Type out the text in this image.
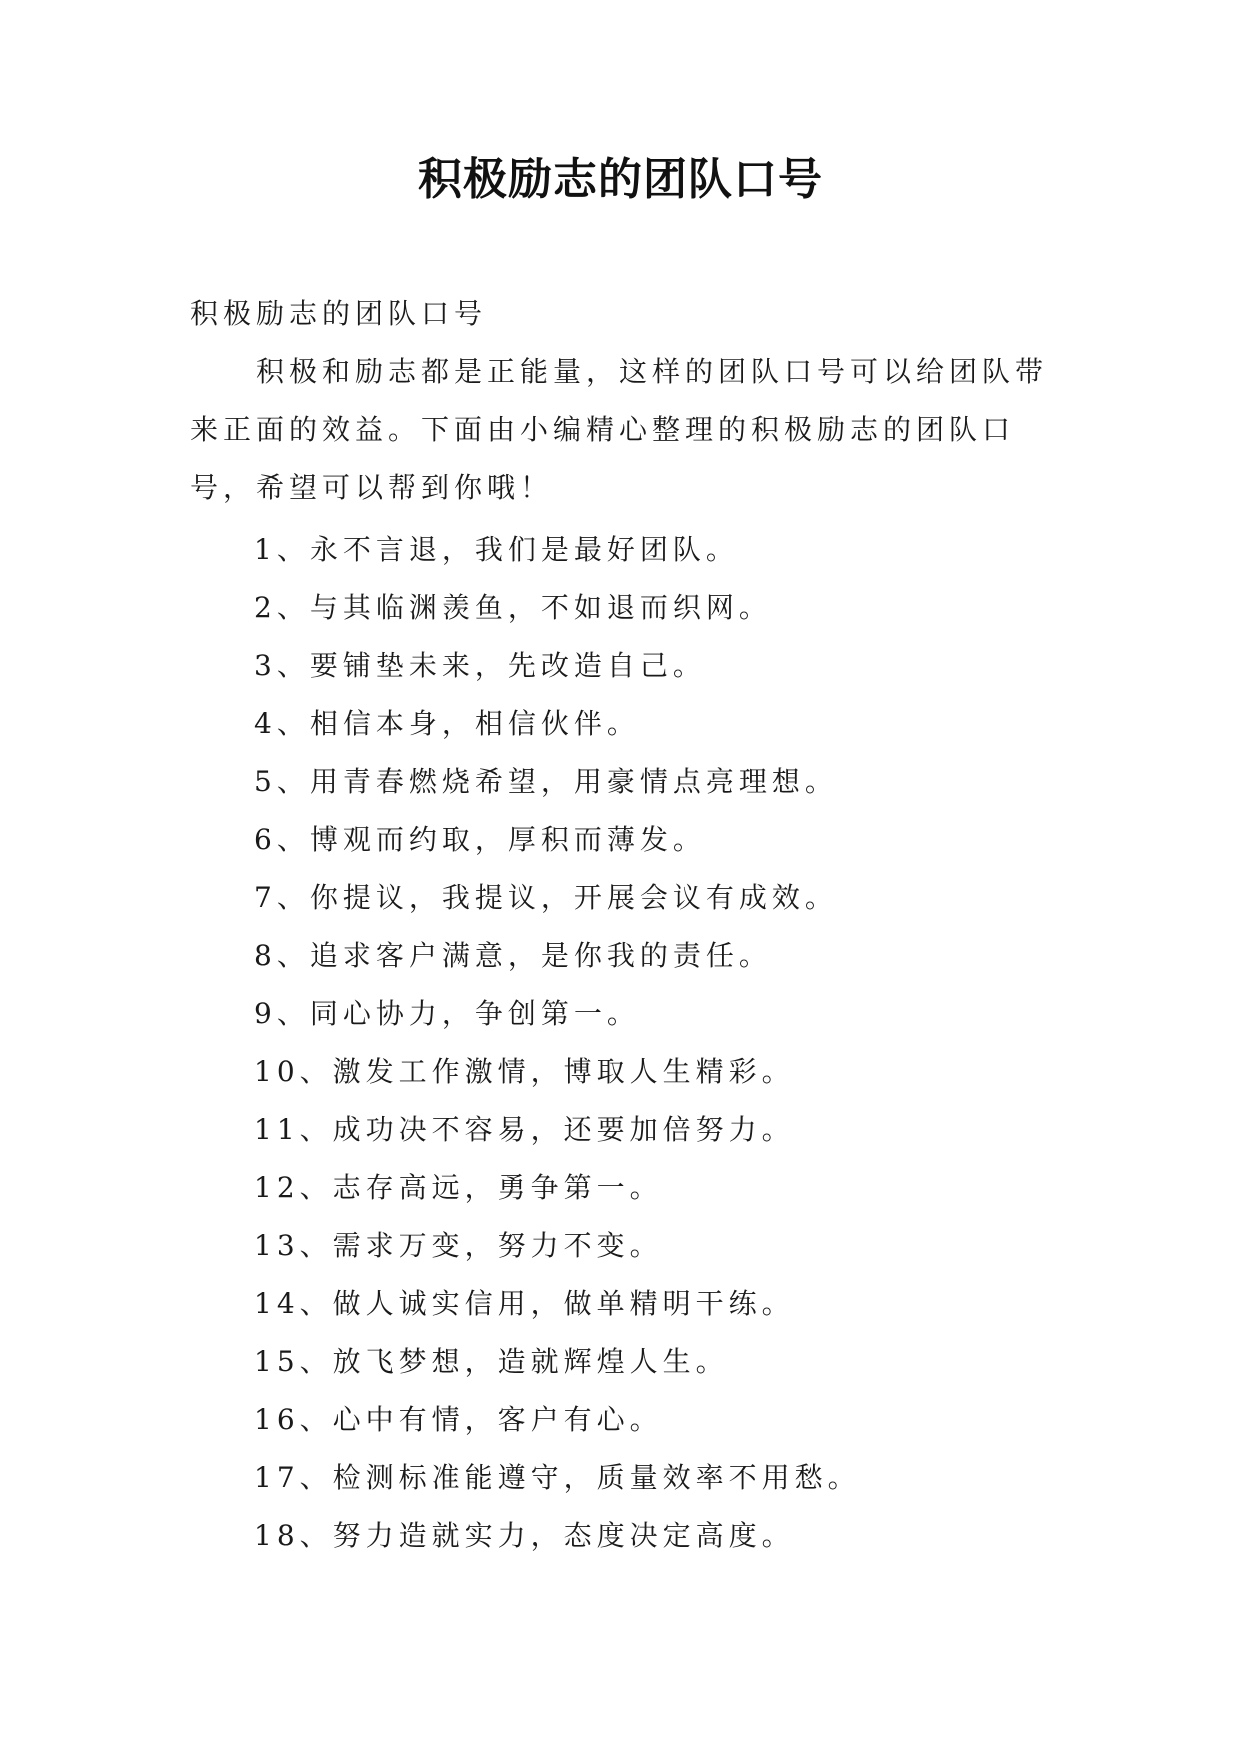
积极励志的团队口号

积极励志的团队口号

积极和励志都是正能量，这样的团队口号可以给团队带来正面的效益。下面由小编精心整理的积极励志的团队口号，希望可以帮到你哦！

1、永不言退，我们是最好团队。
2、与其临渊羡鱼，不如退而织网。
3、要铺垫未来，先改造自己。
4、相信本身，相信伙伴。
5、用青春燃烧希望，用豪情点亮理想。
6、博观而约取，厚积而薄发。
7、你提议，我提议，开展会议有成效。
8、追求客户满意，是你我的责任。
9、同心协力，争创第一。
10、激发工作激情，博取人生精彩。
11、成功决不容易，还要加倍努力。
12、志存高远，勇争第一。
13、需求万变，努力不变。
14、做人诚实信用，做单精明干练。
15、放飞梦想，造就辉煌人生。
16、心中有情，客户有心。
17、检测标准能遵守，质量效率不用愁。
18、努力造就实力，态度决定高度。
